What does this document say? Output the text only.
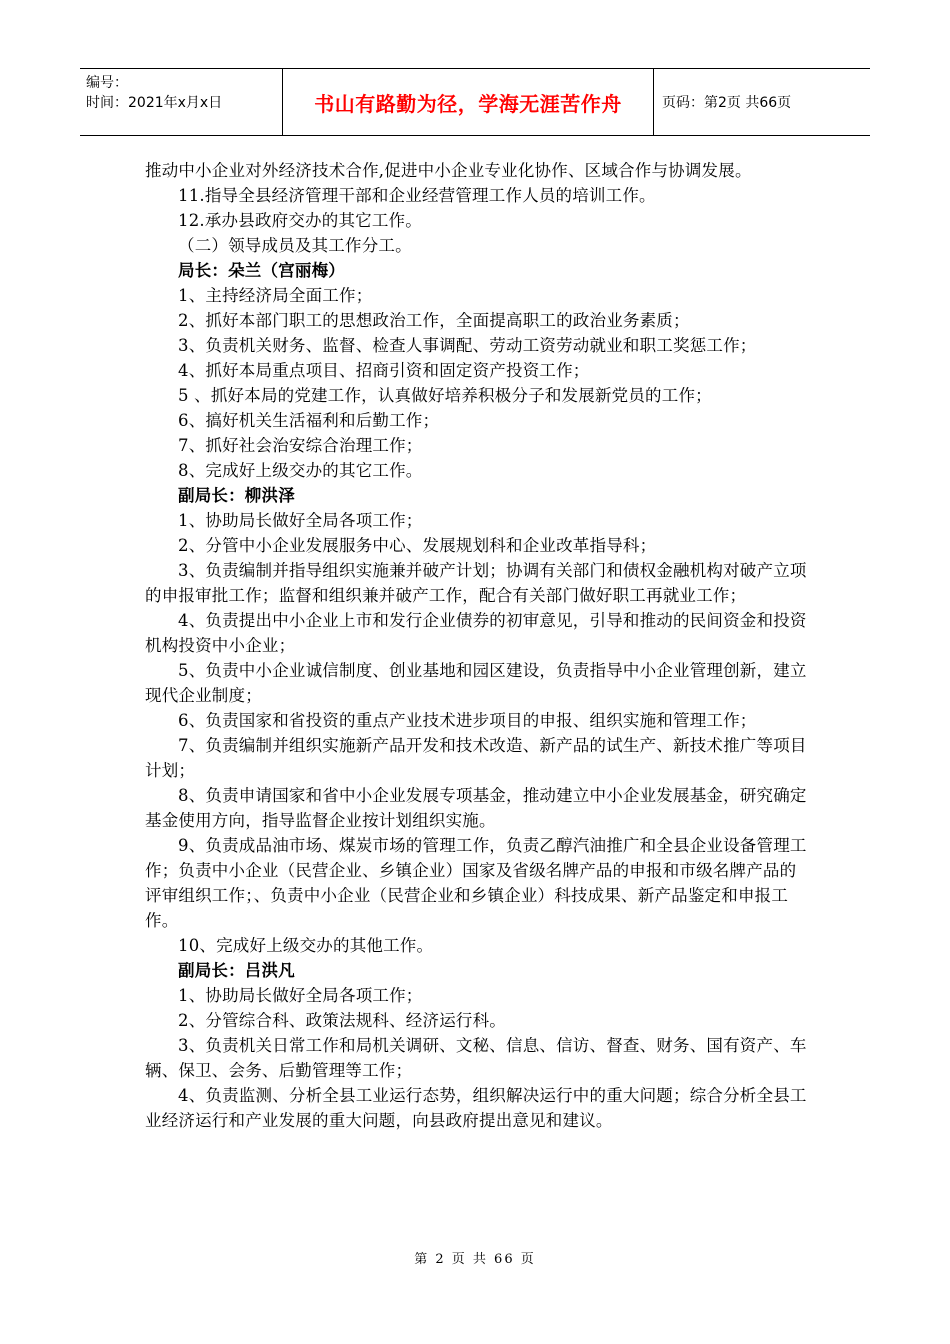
编号：
时间：2021年x月x日	书山有路勤为径，学海无涯苦作舟	页码：第2页 共66页

推动中小企业对外经济技术合作,促进中小企业专业化协作、区域合作与协调发展。

11.指导全县经济管理干部和企业经营管理工作人员的培训工作。

12.承办县政府交办的其它工作。

（二）领导成员及其工作分工。

局长：朵兰（宫丽梅）

1、主持经济局全面工作；

2、抓好本部门职工的思想政治工作，全面提高职工的政治业务素质；

3、负责机关财务、监督、检查人事调配、劳动工资劳动就业和职工奖惩工作；

4、抓好本局重点项目、招商引资和固定资产投资工作；

5 、抓好本局的党建工作，认真做好培养积极分子和发展新党员的工作；

6、搞好机关生活福利和后勤工作；

7、抓好社会治安综合治理工作；

8、完成好上级交办的其它工作。

副局长：柳洪泽

1、协助局长做好全局各项工作；

2、分管中小企业发展服务中心、发展规划科和企业改革指导科；

3、负责编制并指导组织实施兼并破产计划；协调有关部门和债权金融机构对破产立项的申报审批工作；监督和组织兼并破产工作，配合有关部门做好职工再就业工作；

4、负责提出中小企业上市和发行企业债券的初审意见，引导和推动的民间资金和投资机构投资中小企业；

5、负责中小企业诚信制度、创业基地和园区建设，负责指导中小企业管理创新，建立现代企业制度；

6、负责国家和省投资的重点产业技术进步项目的申报、组织实施和管理工作；

7、负责编制并组织实施新产品开发和技术改造、新产品的试生产、新技术推广等项目计划；

8、负责申请国家和省中小企业发展专项基金，推动建立中小企业发展基金，研究确定基金使用方向，指导监督企业按计划组织实施。

9、负责成品油市场、煤炭市场的管理工作，负责乙醇汽油推广和全县企业设备管理工作；负责中小企业（民营企业、乡镇企业）国家及省级名牌产品的申报和市级名牌产品的评审组织工作；、负责中小企业（民营企业和乡镇企业）科技成果、新产品鉴定和申报工作。

10、完成好上级交办的其他工作。

副局长：吕洪凡

1、协助局长做好全局各项工作；

2、分管综合科、政策法规科、经济运行科。

3、负责机关日常工作和局机关调研、文秘、信息、信访、督查、财务、国有资产、车辆、保卫、会务、后勤管理等工作；

4、负责监测、分析全县工业运行态势，组织解决运行中的重大问题；综合分析全县工业经济运行和产业发展的重大问题，向县政府提出意见和建议。

第 2 页 共 66 页
